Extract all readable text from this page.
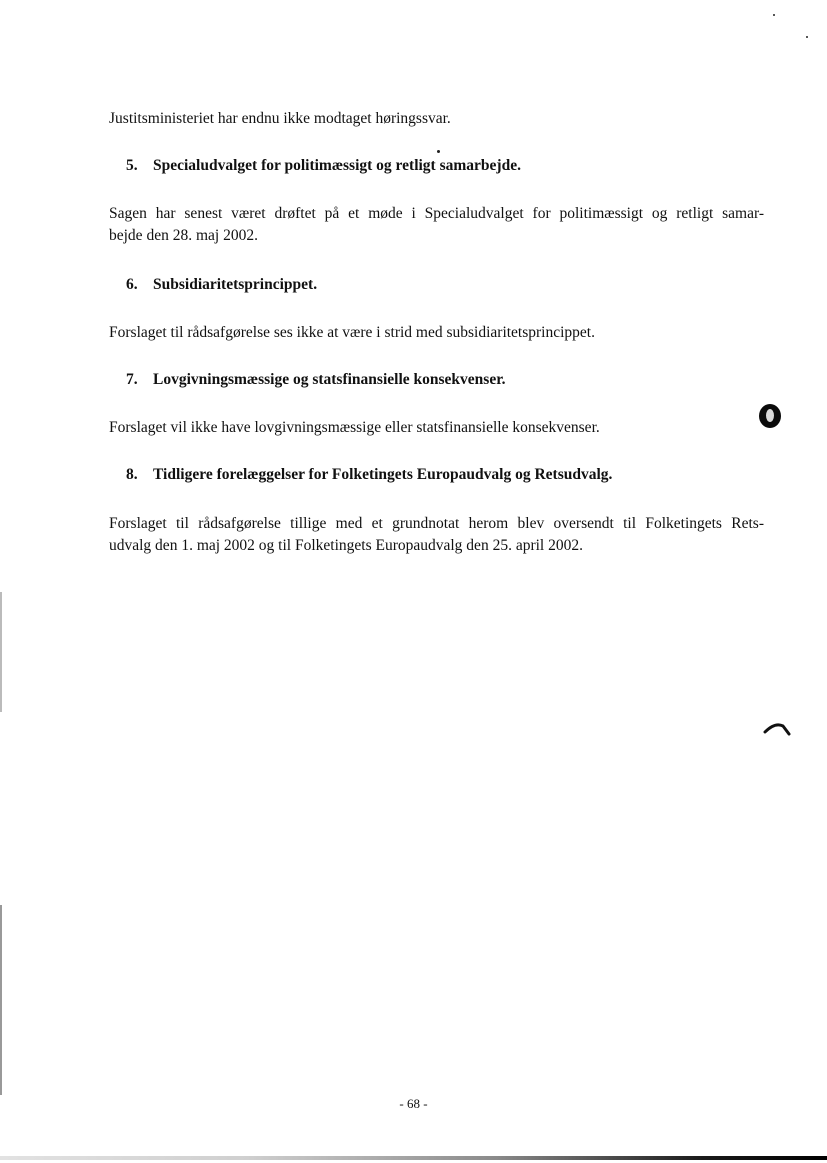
Justitsministeriet har endnu ikke modtaget høringssvar.

5. Specialudvalget for politimæssigt og retligt samarbejde.

Sagen har senest været drøftet på et møde i Specialudvalget for politimæssigt og retligt samar-
bejde den 28. maj 2002.

6. Subsidiaritetsprincippet.

Forslaget til rådsafgørelse ses ikke at være i strid med subsidiaritetsprincippet.

7. Lovgivningsmæssige og statsfinansielle konsekvenser.

Forslaget vil ikke have lovgivningsmæssige eller statsfinansielle konsekvenser.

8. Tidligere forelæggelser for Folketingets Europaudvalg og Retsudvalg.

Forslaget til rådsafgørelse tillige med et grundnotat herom blev oversendt til Folketingets Rets-
udvalg den 1. maj 2002 og til Folketingets Europaudvalg den 25. april 2002.
- 68 -
